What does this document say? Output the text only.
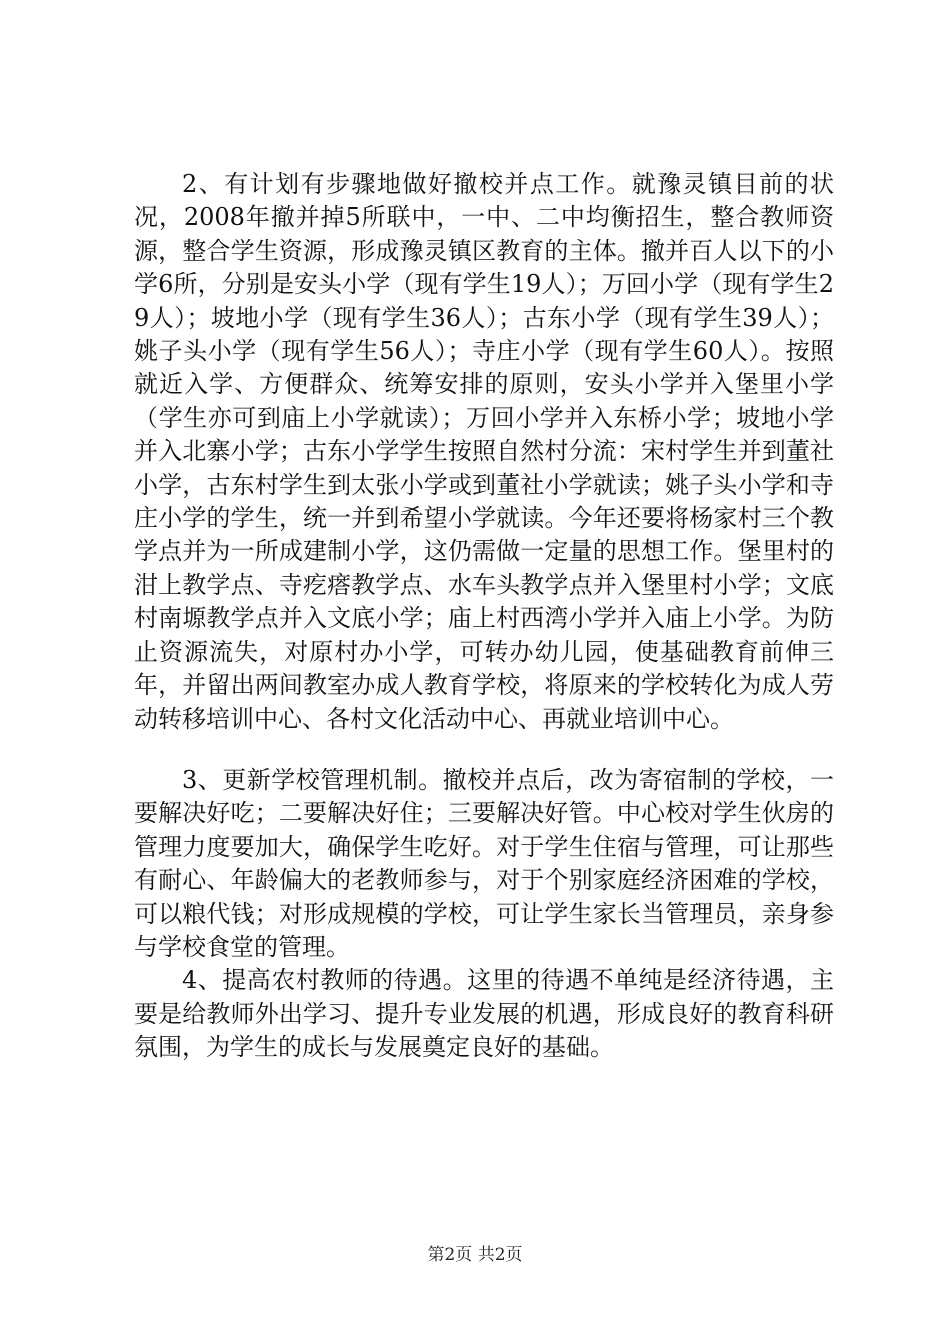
2、有计划有步骤地做好撤校并点工作。就豫灵镇目前的状况，2008年撤并掉5所联中，一中、二中均衡招生，整合教师资源，整合学生资源，形成豫灵镇区教育的主体。撤并百人以下的小学6所，分别是安头小学（现有学生19人）；万回小学（现有学生29人）；坡地小学（现有学生36人）；古东小学（现有学生39人）；姚子头小学（现有学生56人）；寺庄小学（现有学生60人）。按照就近入学、方便群众、统筹安排的原则，安头小学并入堡里小学（学生亦可到庙上小学就读）；万回小学并入东桥小学；坡地小学并入北寨小学；古东小学学生按照自然村分流：宋村学生并到董社小学，古东村学生到太张小学或到董社小学就读；姚子头小学和寺庄小学的学生，统一并到希望小学就读。今年还要将杨家村三个教学点并为一所成建制小学，这仍需做一定量的思想工作。堡里村的泔上教学点、寺疙瘩教学点、水车头教学点并入堡里村小学；文底村南塬教学点并入文底小学；庙上村西湾小学并入庙上小学。为防止资源流失，对原村办小学，可转办幼儿园，使基础教育前伸三年，并留出两间教室办成人教育学校，将原来的学校转化为成人劳动转移培训中心、各村文化活动中心、再就业培训中心。

3、更新学校管理机制。撤校并点后，改为寄宿制的学校，一要解决好吃；二要解决好住；三要解决好管。中心校对学生伙房的管理力度要加大，确保学生吃好。对于学生住宿与管理，可让那些有耐心、年龄偏大的老教师参与，对于个别家庭经济困难的学校，可以粮代钱；对形成规模的学校，可让学生家长当管理员，亲身参与学校食堂的管理。

4、提高农村教师的待遇。这里的待遇不单纯是经济待遇，主要是给教师外出学习、提升专业发展的机遇，形成良好的教育科研氛围，为学生的成长与发展奠定良好的基础。

第2页 共2页
